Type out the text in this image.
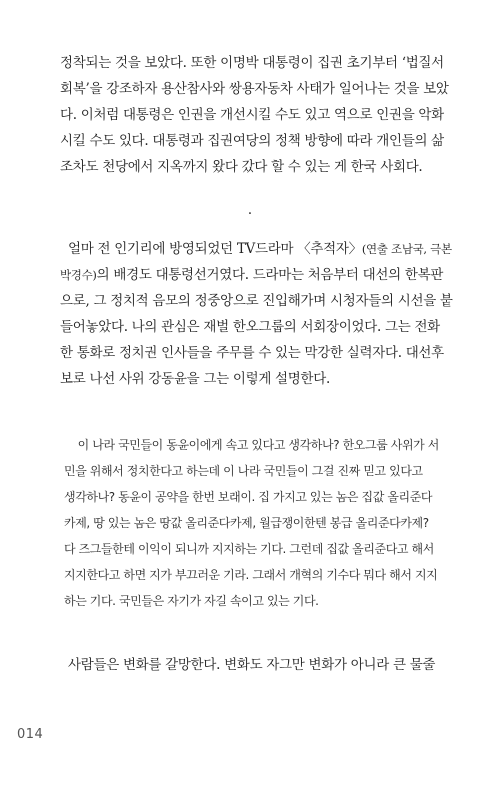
정착되는 것을 보았다. 또한 이명박 대통령이 집권 초기부터 ‘법질서
회복’을 강조하자 용산참사와 쌍용자동차 사태가 일어나는 것을 보았
다. 이처럼 대통령은 인권을 개선시킬 수도 있고 역으로 인권을 악화
시킬 수도 있다. 대통령과 집권여당의 정책 방향에 따라 개인들의 삶
조차도 천당에서 지옥까지 왔다 갔다 할 수 있는 게 한국 사회다.
·
얼마 전 인기리에 방영되었던 TV드라마 〈추적자〉(연출 조남국, 극본
박경수)의 배경도 대통령선거였다. 드라마는 처음부터 대선의 한복판
으로, 그 정치적 음모의 정중앙으로 진입해가며 시청자들의 시선을 붙
들어놓았다. 나의 관심은 재벌 한오그룹의 서회장이었다. 그는 전화
한 통화로 정치권 인사들을 주무를 수 있는 막강한 실력자다. 대선후
보로 나선 사위 강동윤을 그는 이렇게 설명한다.
이 나라 국민들이 동윤이에게 속고 있다고 생각하나? 한오그룹 사위가 서
민을 위해서 정치한다고 하는데 이 나라 국민들이 그걸 진짜 믿고 있다고
생각하나? 동윤이 공약을 한번 보래이. 집 가지고 있는 놈은 집값 올리준다
카제, 땅 있는 놈은 땅값 올리준다카제, 월급쟁이한텐 봉급 올리준다카제?
다 즈그들한테 이익이 되니까 지지하는 기다. 그런데 집값 올리준다고 해서
지지한다고 하면 지가 부끄러운 기라. 그래서 개혁의 기수다 뭐다 해서 지지
하는 기다. 국민들은 자기가 자길 속이고 있는 기다.
사람들은 변화를 갈망한다. 변화도 자그만 변화가 아니라 큰 물줄
014
